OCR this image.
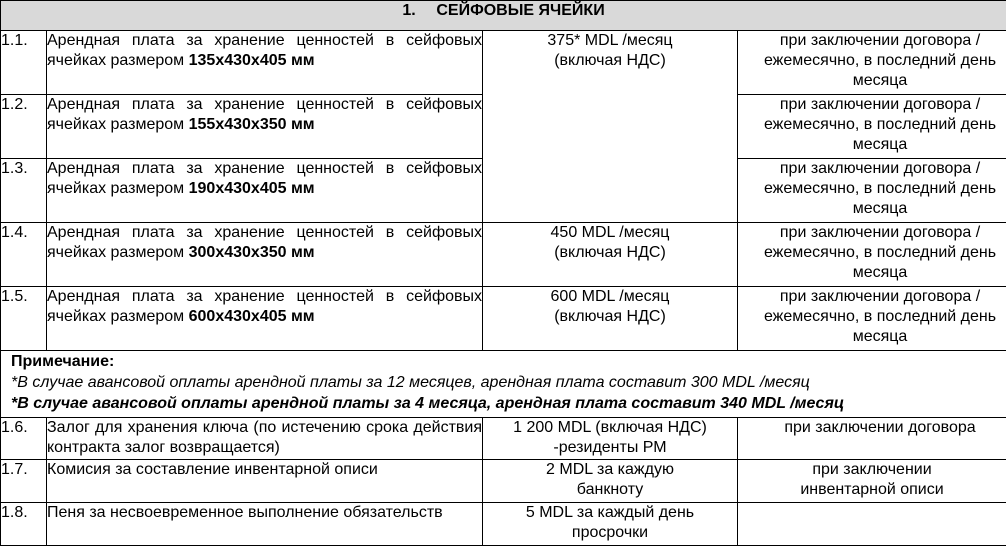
1. СЕЙФОВЫЕ ЯЧЕЙКИ			
1.1.	Арендная плата за хранение ценностей в сейфовых ячейках размером 135x430x405 мм	375* MDL /месяц (включая НДС)	при заключении договора /ежемесячно, в последний день месяца

1.2.	Арендная плата за хранение ценностей в сейфовых ячейках размером 155x430x350 мм		при заключении договора /ежемесячно, в последний день месяца

1.3.	Арендная плата за хранение ценностей в сейфовых ячейках размером 190x430x405 мм		при заключении договора /ежемесячно, в последний день месяца

1.4.	Арендная плата за хранение ценностей в сейфовых ячейках размером 300x430x350 мм	450 MDL /месяц (включая НДС)	при заключении договора /ежемесячно, в последний день месяца

1.5.	Арендная плата за хранение ценностей в сейфовых ячейках размером 600x430x405 мм	600 MDL /месяц (включая НДС)	при заключении договора /ежемесячно, в последний день месяца

Примечание:
*В случае авансовой оплаты арендной платы за 12 месяцев, арендная плата составит 300 MDL /месяц
*В случае авансовой оплаты арендной платы за 4 месяца, арендная плата составит 340 MDL /месяц			

1.6.	Залог для хранения ключа (по истечению срока действия контракта залог возвращается)	1 200 MDL (включая НДС) -резиденты РМ	при заключении договора

1.7.	Комисия за составление инвентарной описи	2 MDL за каждую банкноту	при заключении инвентарной описи

1.8.	Пеня за несвоевременное выполнение обязательств	5 MDL за каждый день просрочки	
